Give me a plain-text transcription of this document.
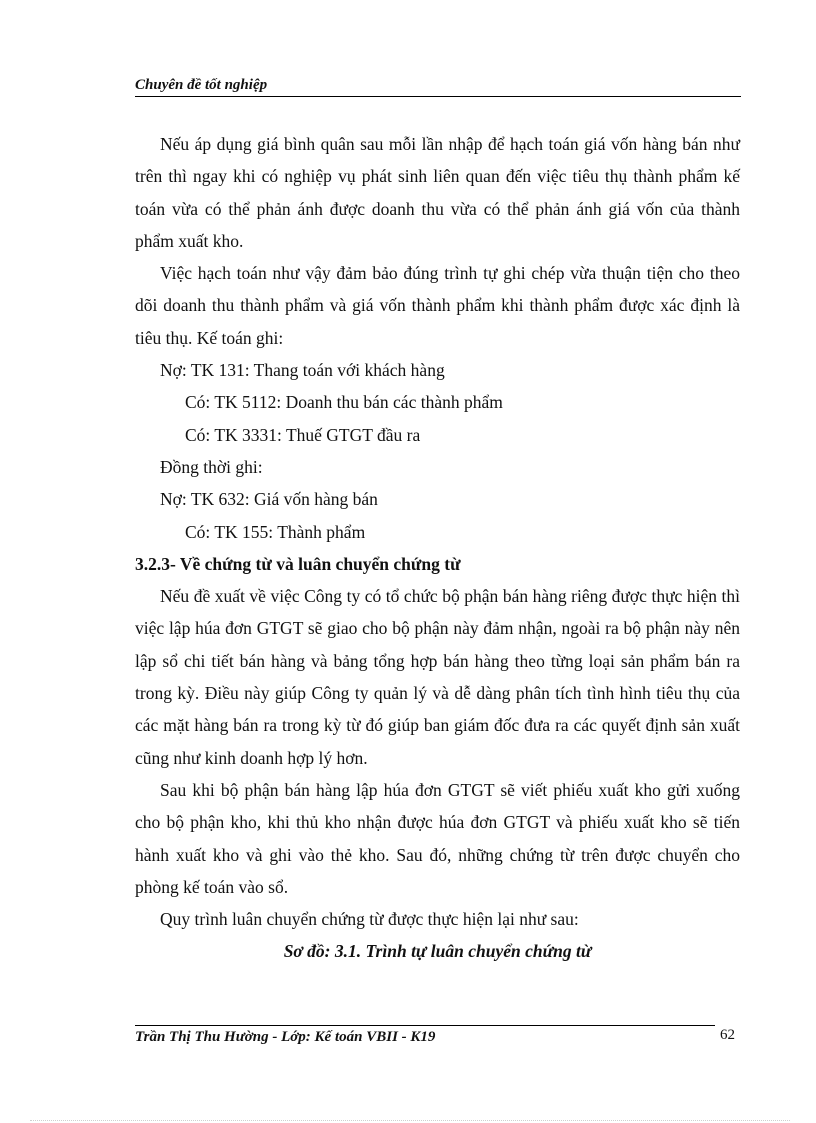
Chuyên đề tốt nghiệp

Nếu áp dụng giá bình quân sau mỗi lần nhập để hạch toán giá vốn hàng bán như trên thì ngay khi có nghiệp vụ phát sinh liên quan đến việc tiêu thụ thành phẩm kế toán vừa có thể phản ánh được doanh thu vừa có thể phản ánh giá vốn của thành phẩm xuất kho.

Việc hạch toán như vậy đảm bảo đúng trình tự ghi chép vừa thuận tiện cho theo dõi doanh thu thành phẩm và giá vốn thành phẩm khi thành phẩm được xác định là tiêu thụ. Kế toán ghi:

Nợ: TK 131: Thang toán với khách hàng

Có: TK 5112: Doanh thu bán các thành phẩm

Có: TK 3331: Thuế GTGT đầu ra

Đồng thời ghi:

Nợ: TK 632: Giá vốn hàng bán

Có: TK 155: Thành phẩm

3.2.3- Về chứng từ và luân chuyển chứng từ

Nếu đề xuất về việc Công ty có tổ chức bộ phận bán hàng riêng được thực hiện thì việc lập húa đơn GTGT sẽ giao cho bộ phận này đảm nhận, ngoài ra bộ phận này nên lập sổ chi tiết bán hàng và bảng tổng hợp bán hàng theo từng loại sản phẩm bán ra trong kỳ. Điều này giúp Công ty quản lý và dễ dàng phân tích tình hình tiêu thụ của các mặt hàng bán ra trong kỳ từ đó giúp ban giám đốc đưa ra các quyết định sản xuất cũng như kinh doanh hợp lý hơn.

Sau khi bộ phận bán hàng lập húa đơn GTGT sẽ viết phiếu xuất kho gửi xuống cho bộ phận kho, khi thủ kho nhận được húa đơn GTGT và phiếu xuất kho sẽ tiến hành xuất kho và ghi vào thẻ kho. Sau đó, những chứng từ trên được chuyển cho phòng kế toán vào sổ.

Quy trình luân chuyển chứng từ được thực hiện lại như sau:

Sơ đồ: 3.1. Trình tự luân chuyển chứng từ

Trần Thị Thu Hường - Lớp: Kế toán VBII - K19	62
